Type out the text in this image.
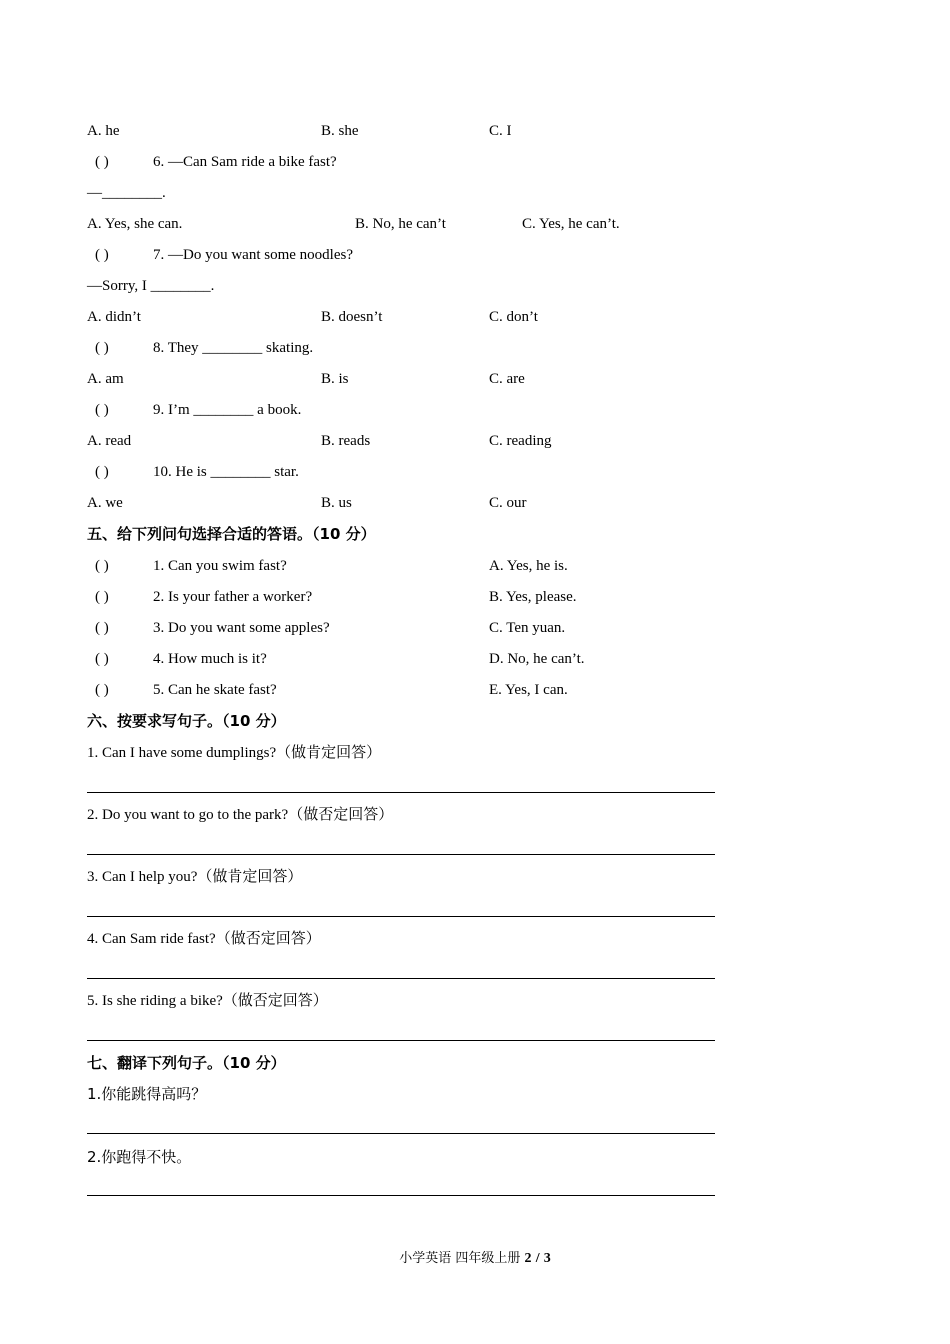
A. he	B. she	C. I
( )	6. —Can Sam ride a bike fast?
—________.
A. Yes, she can.	B. No, he can’t	C. Yes, he can’t.
( )	7. —Do you want some noodles?
—Sorry, I ________.
A. didn’t	B. doesn’t	C. don’t
( )	8. They ________ skating.
A. am	B. is	C. are
( )	9. I’m ________ a book.
A. read	B. reads	C. reading
( )	10. He is ________ star.
A. we	B. us	C. our
五、给下列问句选择合适的答语。（10 分）
( )	1. Can you swim fast?	A. Yes, he is.
( )	2. Is your father a worker?	B. Yes, please.
( )	3. Do you want some apples?	C. Ten yuan.
( )	4. How much is it?	D. No, he can’t.
( )	5. Can he skate fast?	E. Yes, I can.
六、按要求写句子。（10 分）
1. Can I have some dumplings?（做肯定回答）
2. Do you want to go to the park?（做否定回答）
3. Can I help you?（做肯定回答）
4. Can Sam ride fast?（做否定回答）
5. Is she riding a bike?（做否定回答）
七、翻译下列句子。（10 分）
1.你能跳得高吗？
2.你跑得不快。
小学英语 四年级上册 2 / 3
